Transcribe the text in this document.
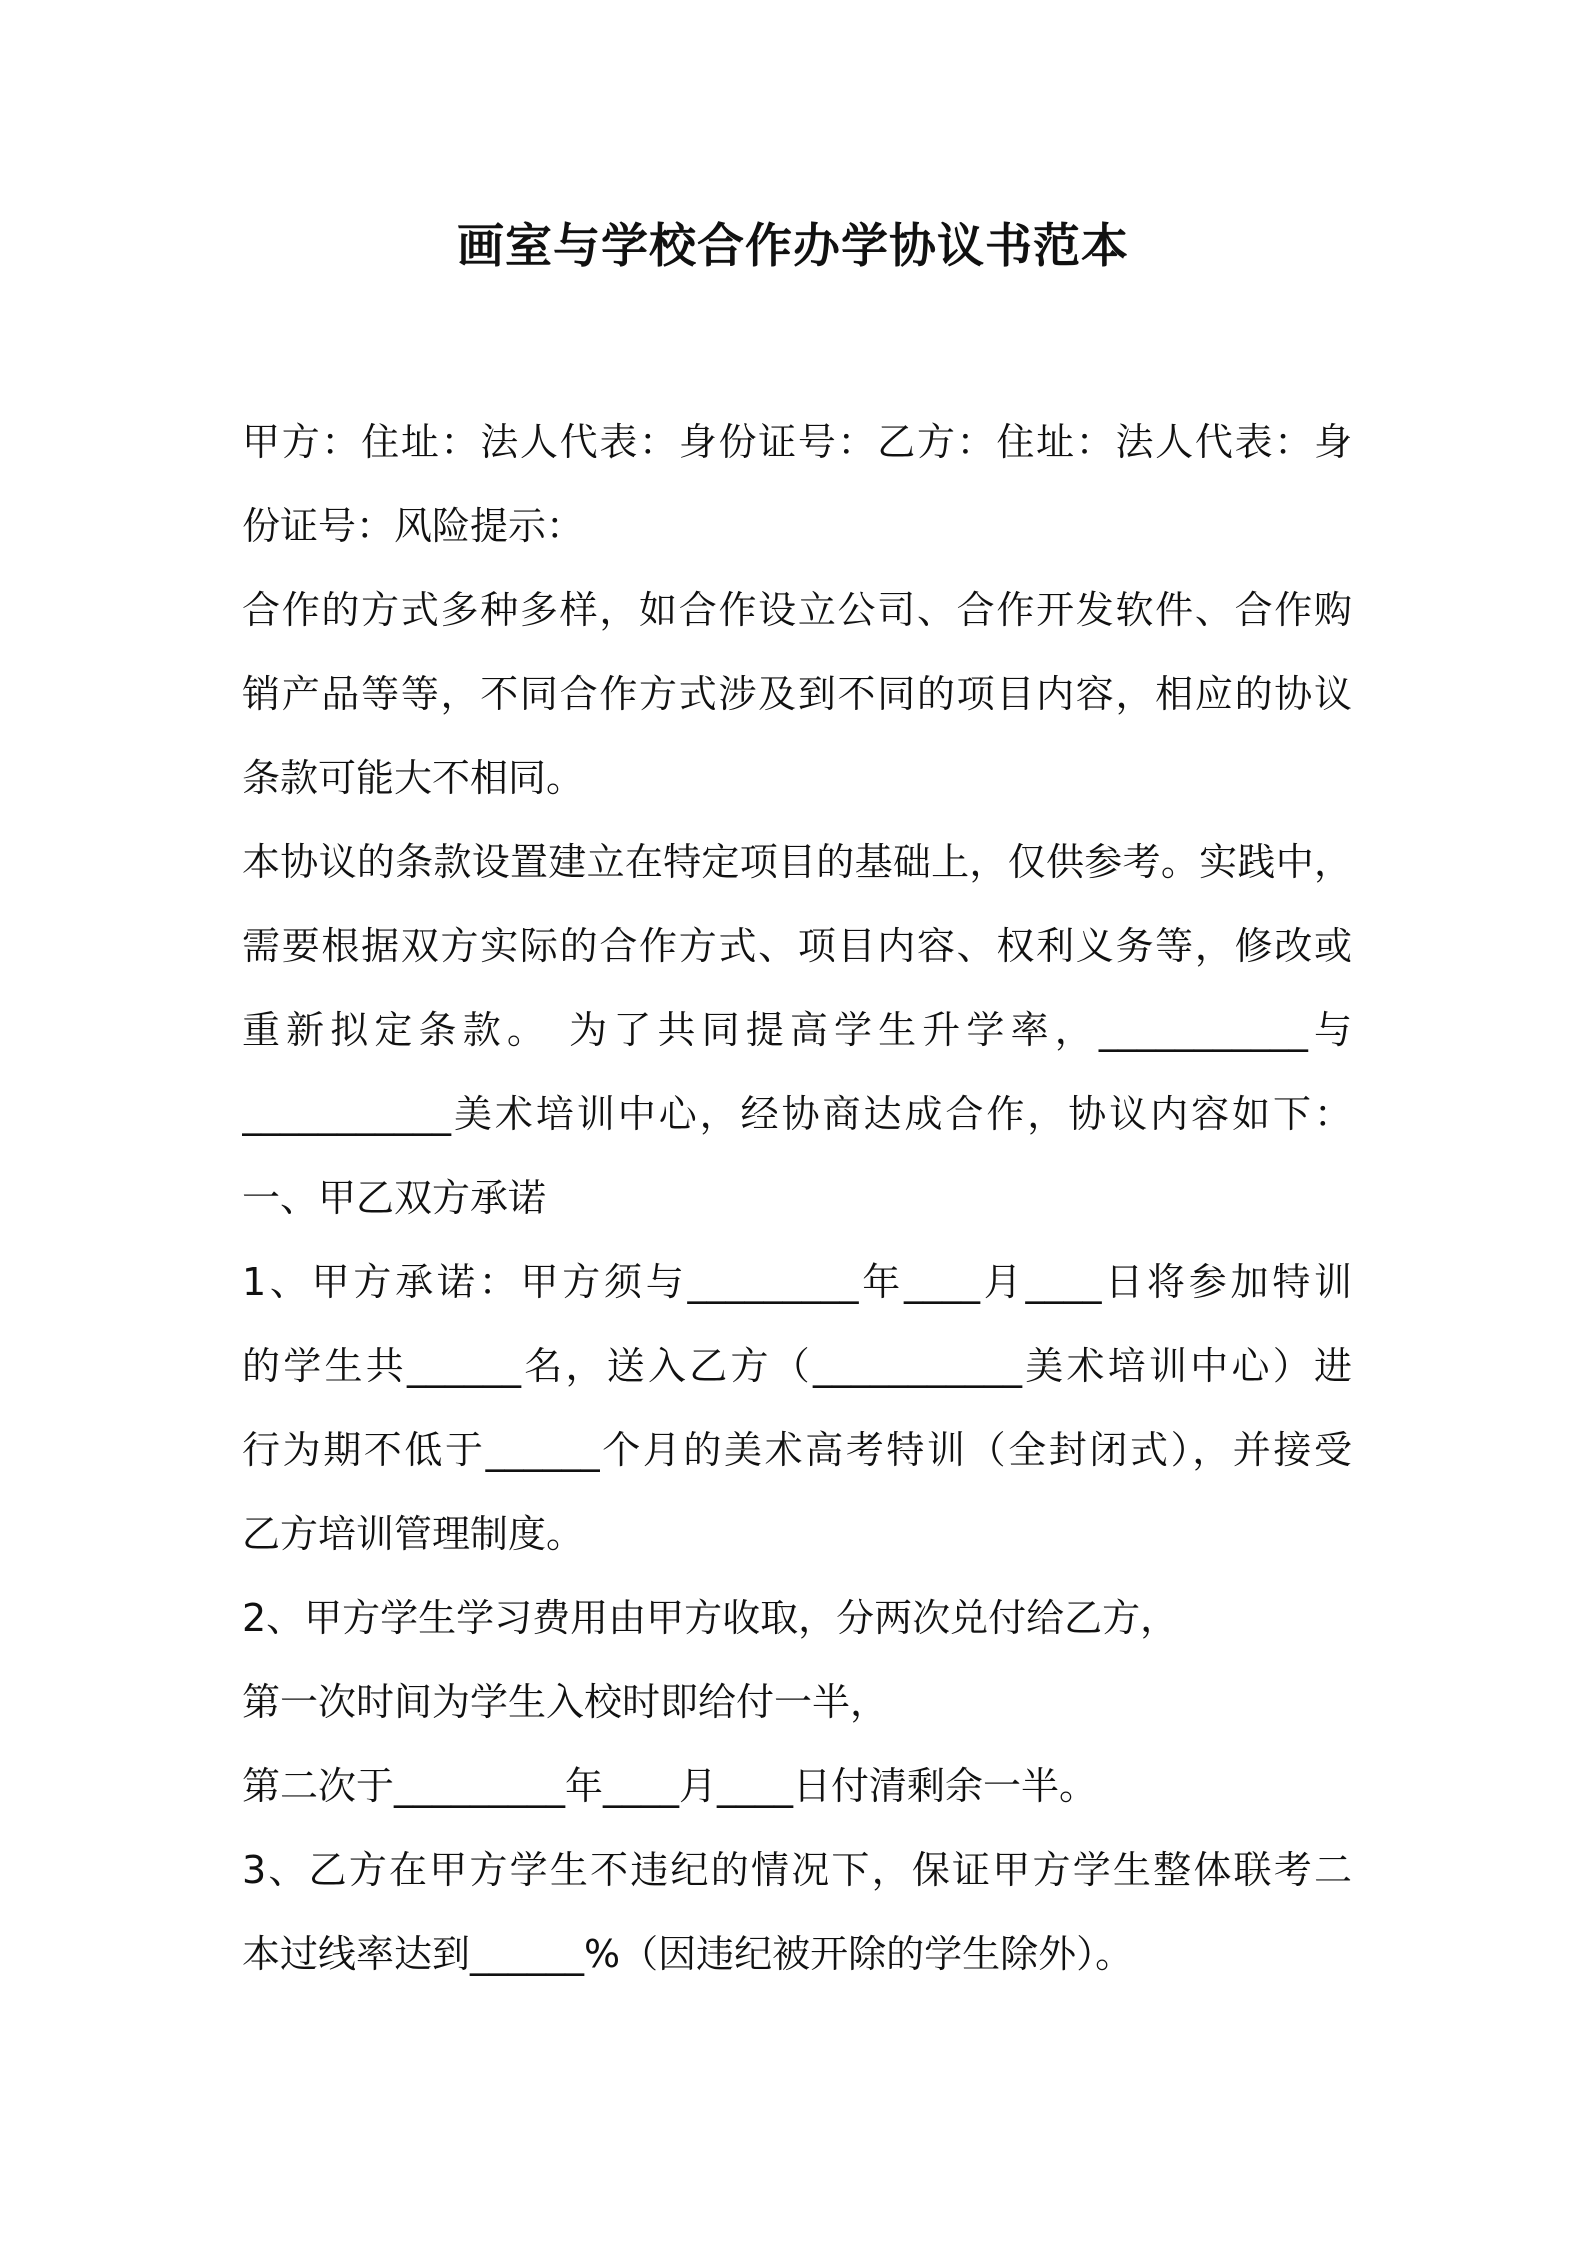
画室与学校合作办学协议书范本
甲方：住址：法人代表：身份证号：乙方：住址：法人代表：身
份证号：风险提示：
合作的方式多种多样，如合作设立公司、合作开发软件、合作购
销产品等等，不同合作方式涉及到不同的项目内容，相应的协议
条款可能大不相同。
本协议的条款设置建立在特定项目的基础上，仅供参考。实践中，
需要根据双方实际的合作方式、项目内容、权利义务等，修改或
重新拟定条款。 为了共同提高学生升学率，___________与
___________美术培训中心，经协商达成合作，协议内容如下：
一、甲乙双方承诺
1、甲方承诺：甲方须与_________年____月____日将参加特训
的学生共______名，送入乙方（___________美术培训中心）进
行为期不低于______个月的美术高考特训（全封闭式），并接受
乙方培训管理制度。
2、甲方学生学习费用由甲方收取，分两次兑付给乙方，
第一次时间为学生入校时即给付一半，
第二次于_________年____月____日付清剩余一半。
3、乙方在甲方学生不违纪的情况下，保证甲方学生整体联考二
本过线率达到______%（因违纪被开除的学生除外）。
